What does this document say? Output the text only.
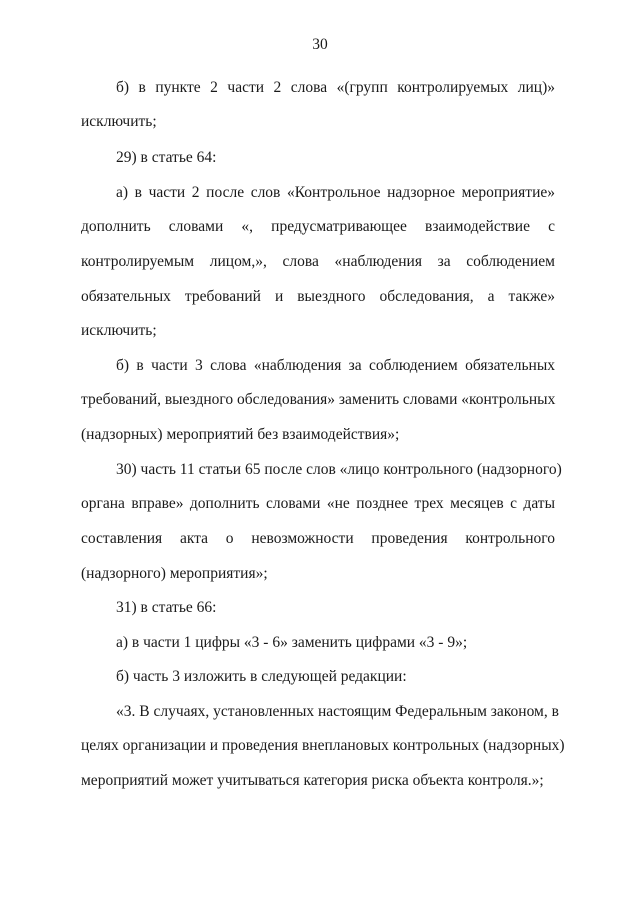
30
б) в пункте 2 части 2 слова «(групп контролируемых лиц)»
исключить;
29) в статье 64:
а) в части 2 после слов «Контрольное надзорное мероприятие»
дополнить словами «, предусматривающее взаимодействие с
контролируемым лицом,», слова «наблюдения за соблюдением
обязательных требований и выездного обследования, а также»
исключить;
б) в части 3 слова «наблюдения за соблюдением обязательных
требований, выездного обследования» заменить словами «контрольных
(надзорных) мероприятий без взаимодействия»;
30) часть 11 статьи 65 после слов «лицо контрольного (надзорного)
органа вправе» дополнить словами «не позднее трех месяцев с даты
составления акта о невозможности проведения контрольного
(надзорного) мероприятия»;
31) в статье 66:
а) в части 1 цифры «3 - 6» заменить цифрами «3 - 9»;
б) часть 3 изложить в следующей редакции:
«3. В случаях, установленных настоящим Федеральным законом, в
целях организации и проведения внеплановых контрольных (надзорных)
мероприятий может учитываться категория риска объекта контроля.»;
